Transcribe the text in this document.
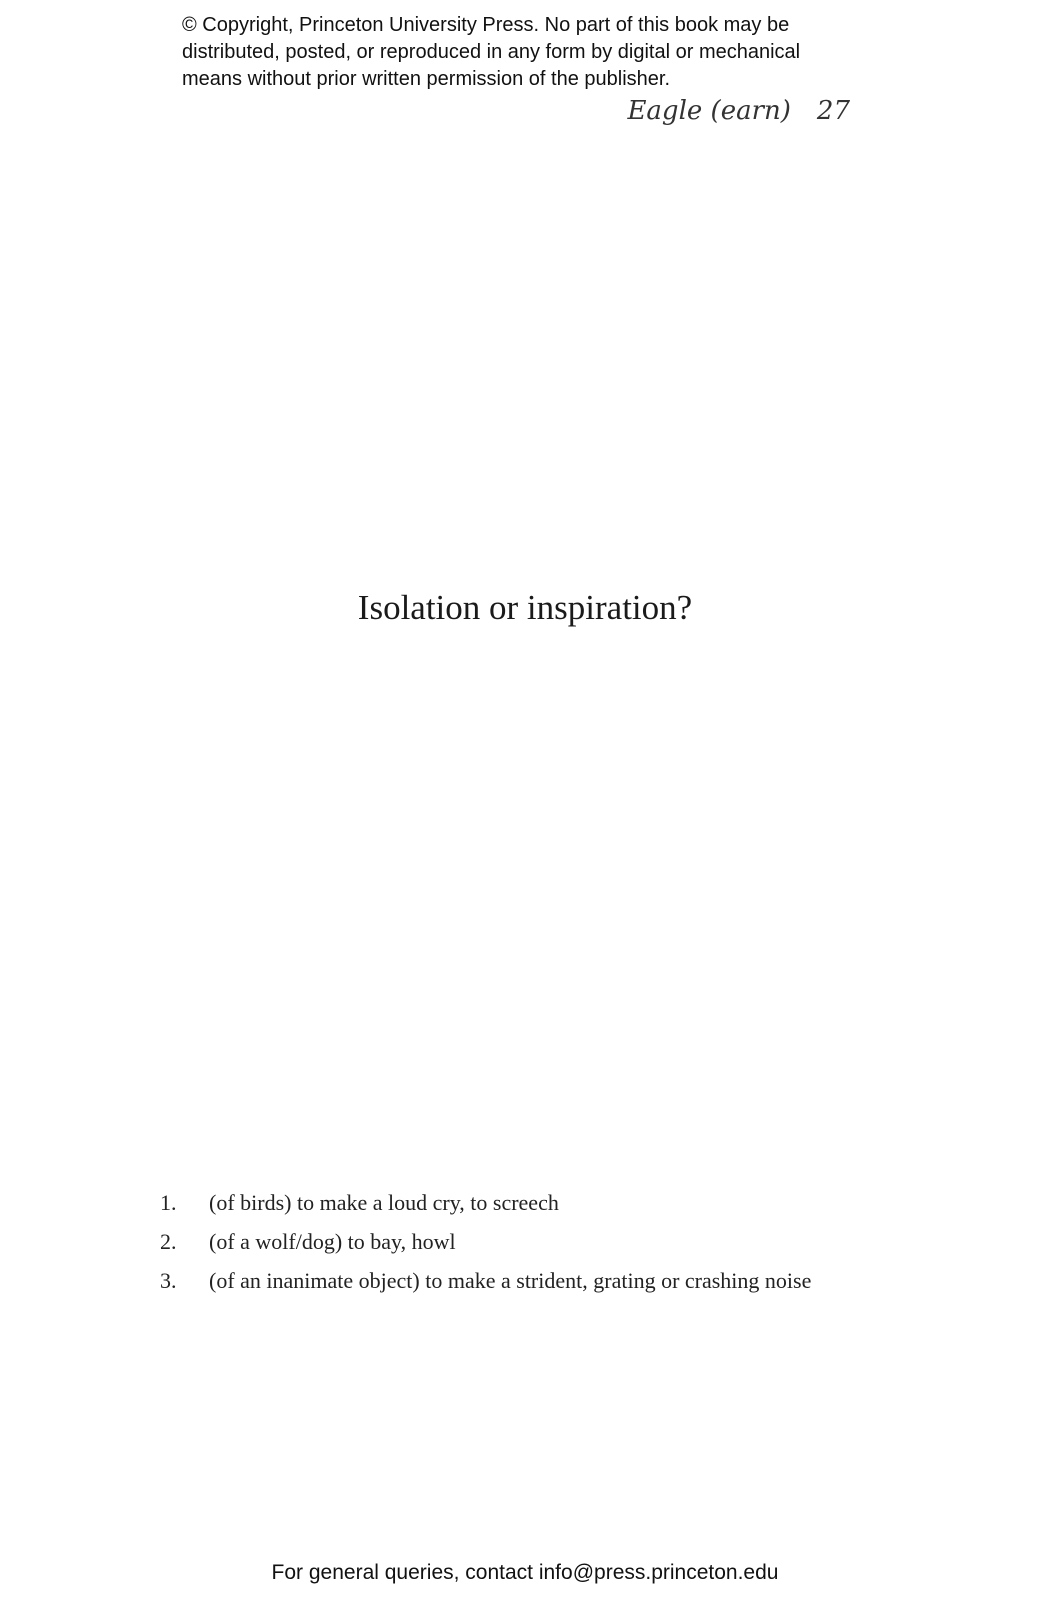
© Copyright, Princeton University Press. No part of this book may be
distributed, posted, or reproduced in any form by digital or mechanical
means without prior written permission of the publisher.
Eagle (earn) 27
Isolation or inspiration?
1.	(of birds) to make a loud cry, to screech
2.	(of a wolf/dog) to bay, howl
3.	(of an inanimate object) to make a strident, grating or crashing noise
For general queries, contact info@press.princeton.edu
